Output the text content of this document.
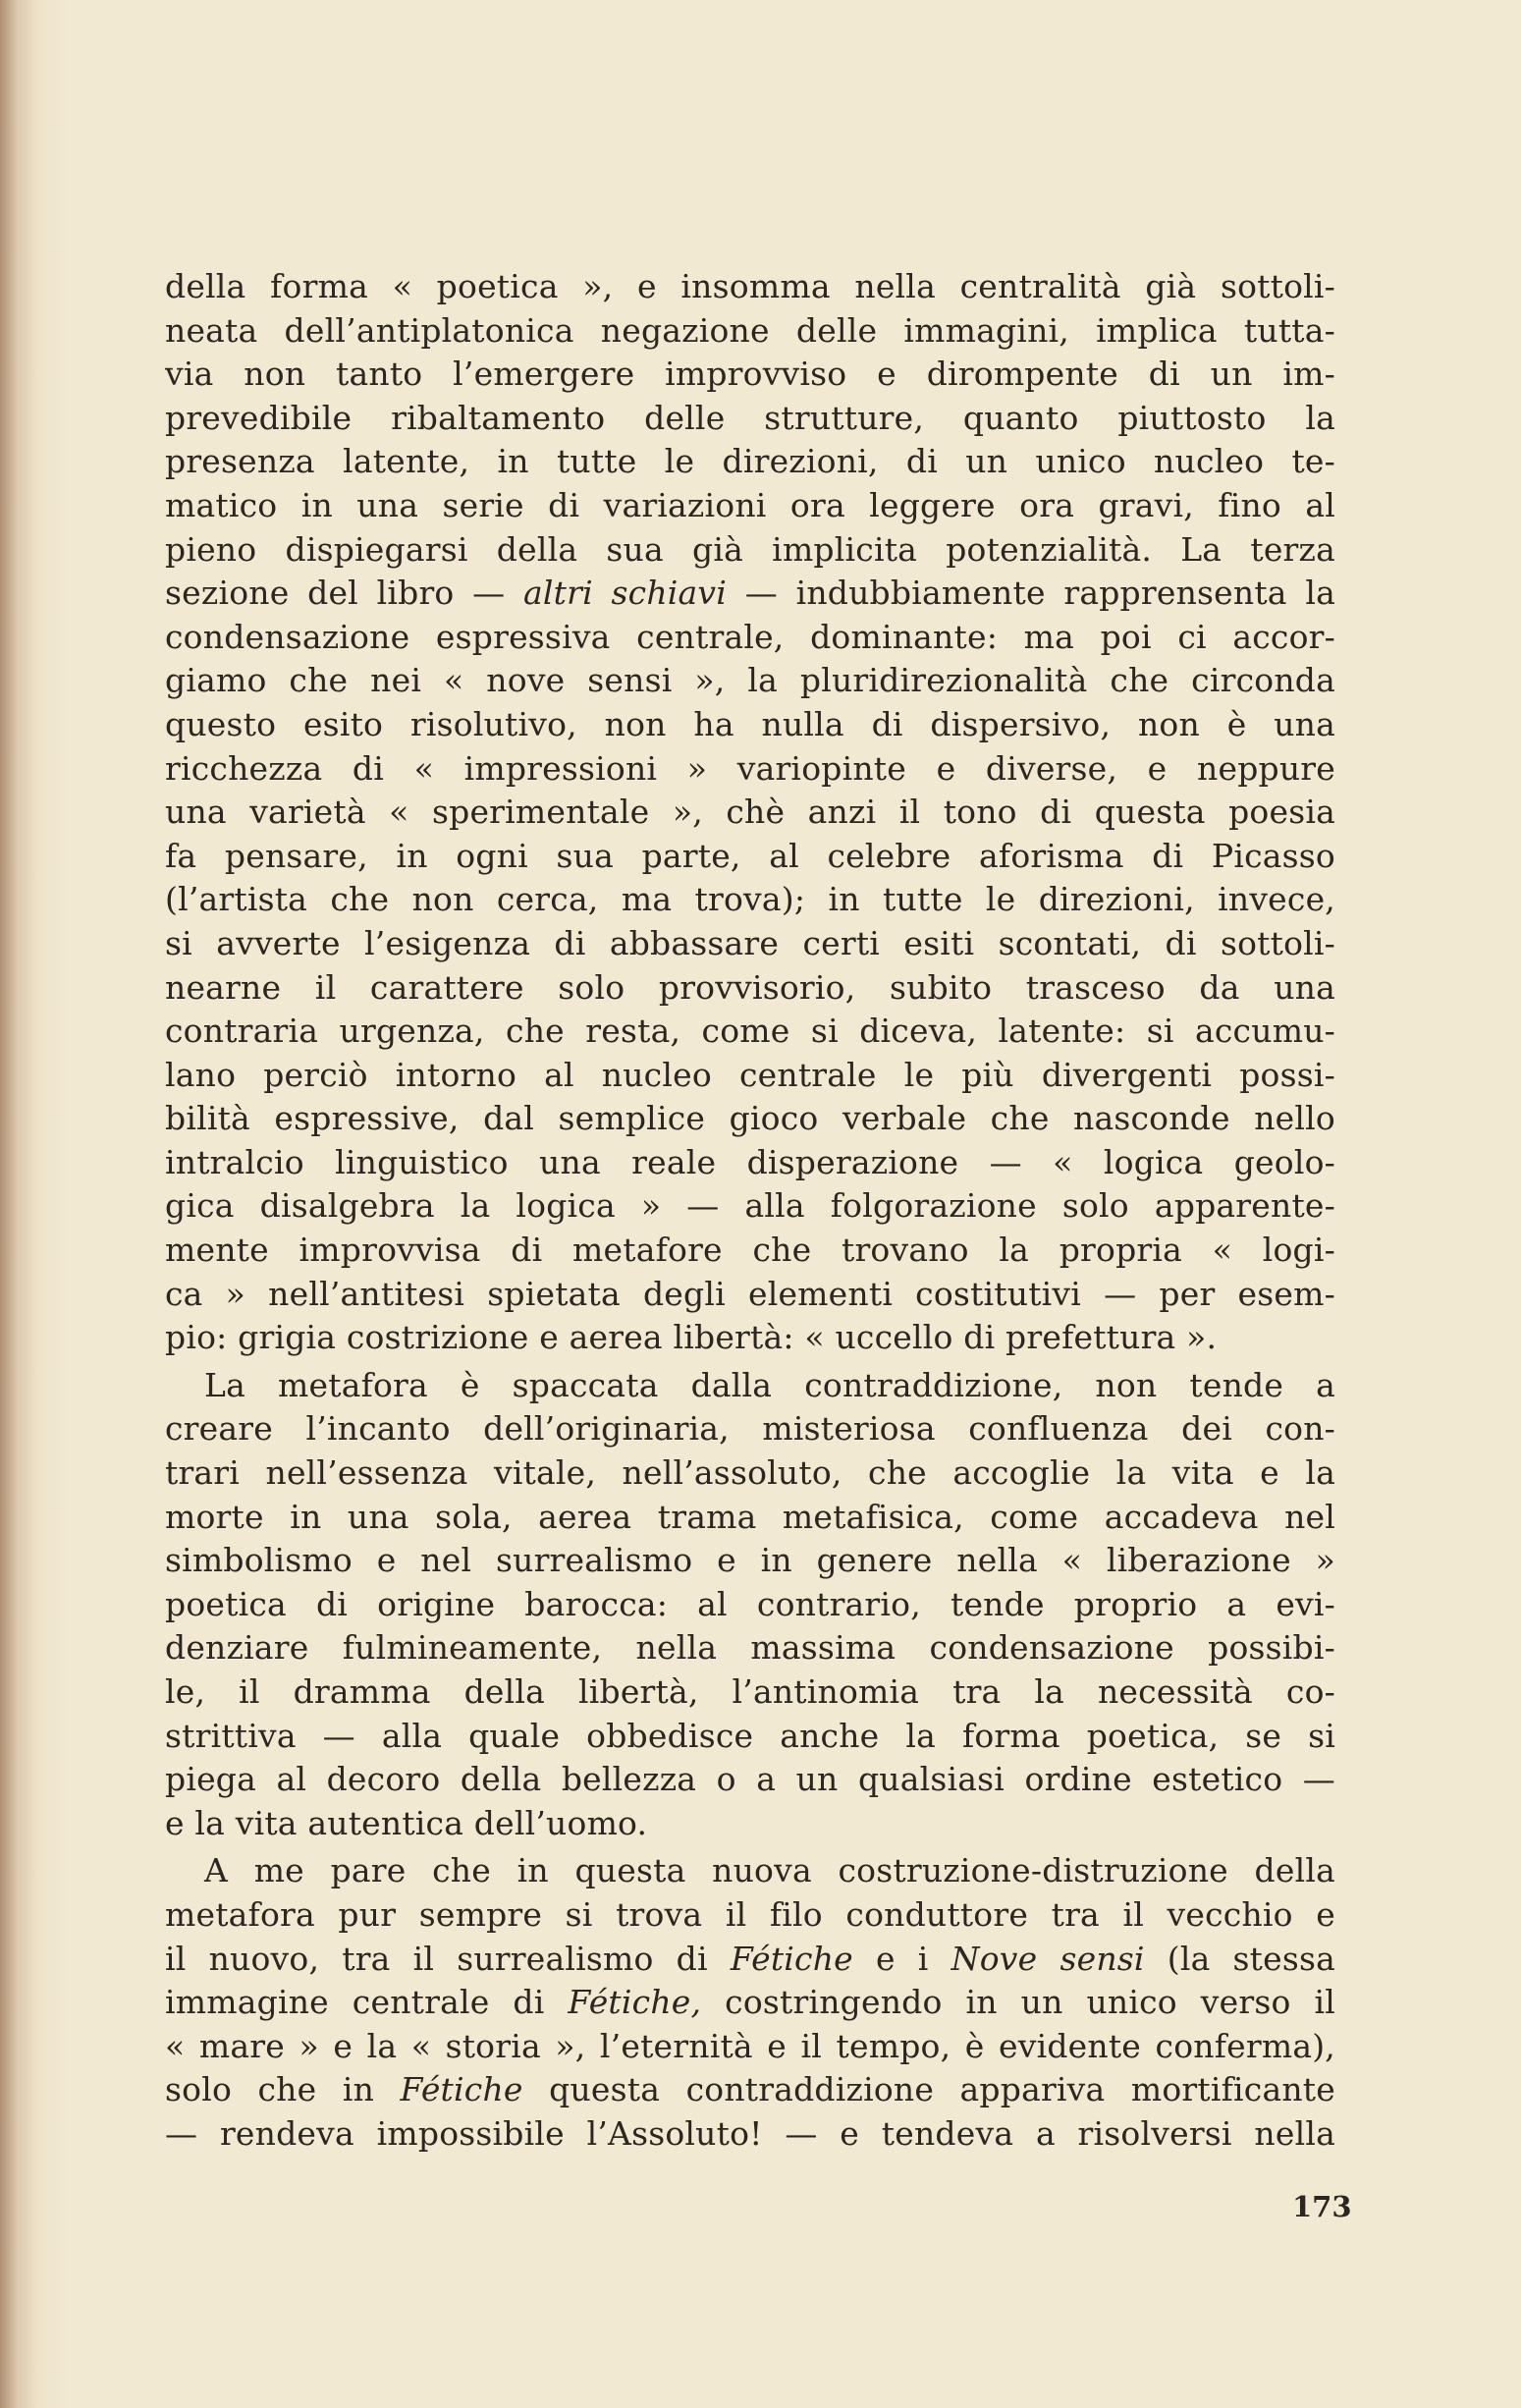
della forma « poetica », e insomma nella centralità già sottoli-
neata dell’antiplatonica negazione delle immagini, implica tutta-
via non tanto l’emergere improvviso e dirompente di un im-
prevedibile ribaltamento delle strutture, quanto piuttosto la
presenza latente, in tutte le direzioni, di un unico nucleo te-
matico in una serie di variazioni ora leggere ora gravi, fino al
pieno dispiegarsi della sua già implicita potenzialità. La terza
sezione del libro — altri schiavi — indubbiamente rapprensenta la
condensazione espressiva centrale, dominante: ma poi ci accor-
giamo che nei « nove sensi », la pluridirezionalità che circonda
questo esito risolutivo, non ha nulla di dispersivo, non è una
ricchezza di « impressioni » variopinte e diverse, e neppure
una varietà « sperimentale », chè anzi il tono di questa poesia
fa pensare, in ogni sua parte, al celebre aforisma di Picasso
(l’artista che non cerca, ma trova); in tutte le direzioni, invece,
si avverte l’esigenza di abbassare certi esiti scontati, di sottoli-
nearne il carattere solo provvisorio, subito trasceso da una
contraria urgenza, che resta, come si diceva, latente: si accumu-
lano perciò intorno al nucleo centrale le più divergenti possi-
bilità espressive, dal semplice gioco verbale che nasconde nello
intralcio linguistico una reale disperazione — « logica geolo-
gica disalgebra la logica » — alla folgorazione solo apparente-
mente improvvisa di metafore che trovano la propria « logi-
ca » nell’antitesi spietata degli elementi costitutivi — per esem-
pio: grigia costrizione e aerea libertà: « uccello di prefettura ».
La metafora è spaccata dalla contraddizione, non tende a
creare l’incanto dell’originaria, misteriosa confluenza dei con-
trari nell’essenza vitale, nell’assoluto, che accoglie la vita e la
morte in una sola, aerea trama metafisica, come accadeva nel
simbolismo e nel surrealismo e in genere nella « liberazione »
poetica di origine barocca: al contrario, tende proprio a evi-
denziare fulmineamente, nella massima condensazione possibi-
le, il dramma della libertà, l’antinomia tra la necessità co-
strittiva — alla quale obbedisce anche la forma poetica, se si
piega al decoro della bellezza o a un qualsiasi ordine estetico —
e la vita autentica dell’uomo.
A me pare che in questa nuova costruzione-distruzione della
metafora pur sempre si trova il filo conduttore tra il vecchio e
il nuovo, tra il surrealismo di Fétiche e i Nove sensi (la stessa
immagine centrale di Fétiche, costringendo in un unico verso il
« mare » e la « storia », l’eternità e il tempo, è evidente conferma),
solo che in Fétiche questa contraddizione appariva mortificante
— rendeva impossibile l’Assoluto! — e tendeva a risolversi nella
173
